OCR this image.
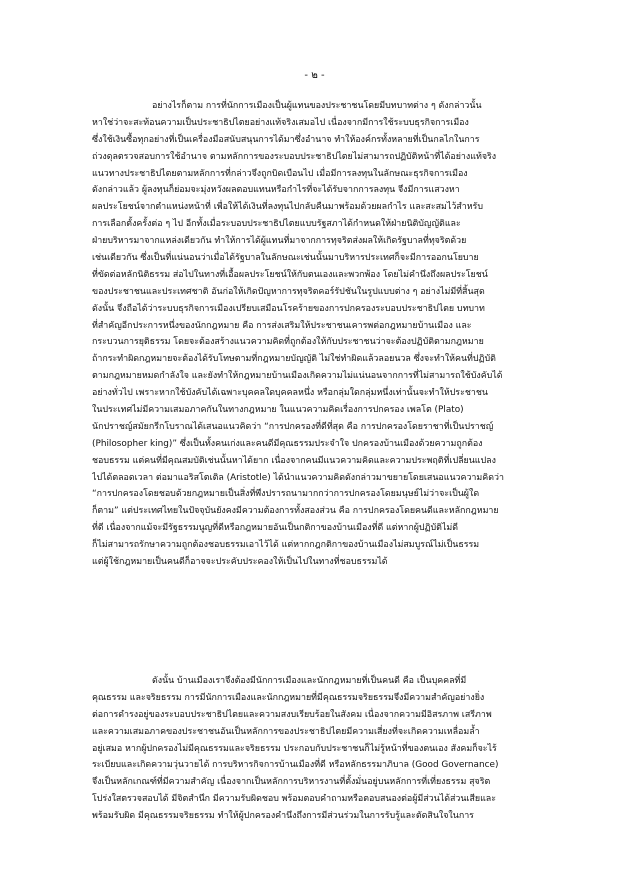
- ๒ -
อย่างไรก็ตาม การที่นักการเมืองเป็นผู้แทนของประชาชนโดยมีบทบาทต่าง ๆ ดังกล่าวนั้น
หาใช่ว่าจะสะท้อนความเป็นประชาธิปไตยอย่างแท้จริงเสมอไป เนื่องจากมีการใช้ระบบธุรกิจการเมือง
ซึ่งใช้เงินซื้อทุกอย่างที่เป็นเครื่องมือสนับสนุนการได้มาซึ่งอำนาจ ทำให้องค์กรทั้งหลายที่เป็นกลไกในการ
ถ่วงดุลตรวจสอบการใช้อำนาจ ตามหลักการของระบอบประชาธิปไตยไม่สามารถปฏิบัติหน้าที่ได้อย่างแท้จริง
แนวทางประชาธิปไตยตามหลักการที่กล่าวจึงถูกบิดเบือนไป เมื่อมีการลงทุนในลักษณะธุรกิจการเมือง
ดังกล่าวแล้ว ผู้ลงทุนก็ย่อมจะมุ่งหวังผลตอบแทนหรือกำไรที่จะได้รับจากการลงทุน จึงมีการแสวงหา
ผลประโยชน์จากตำแหน่งหน้าที่ เพื่อให้ได้เงินที่ลงทุนไปกลับคืนมาพร้อมด้วยผลกำไร และสะสมไว้สำหรับ
การเลือกตั้งครั้งต่อ ๆ ไป อีกทั้งเมื่อระบอบประชาธิปไตยแบบรัฐสภาได้กำหนดให้ฝ่ายนิติบัญญัติและ
ฝ่ายบริหารมาจากแหล่งเดียวกัน ทำให้การได้ผู้แทนที่มาจากการทุจริตส่งผลให้เกิดรัฐบาลที่ทุจริตด้วย
เช่นเดียวกัน ซึ่งเป็นที่แน่นอนว่าเมื่อได้รัฐบาลในลักษณะเช่นนั้นมาบริหารประเทศก็จะมีการออกนโยบาย
ที่ขัดต่อหลักนิติธรรม ส่อไปในทางที่เอื้อผลประโยชน์ให้กับตนเองและพวกพ้อง โดยไม่คำนึงถึงผลประโยชน์
ของประชาชนและประเทศชาติ อันก่อให้เกิดปัญหาการทุจริตคอร์รัปชันในรูปแบบต่าง ๆ อย่างไม่มีที่สิ้นสุด
ดังนั้น จึงถือได้ว่าระบบธุรกิจการเมืองเปรียบเสมือนโรคร้ายของการปกครองระบอบประชาธิปไตย บทบาท
ที่สำคัญอีกประการหนึ่งของนักกฎหมาย คือ การส่งเสริมให้ประชาชนเคารพต่อกฎหมายบ้านเมือง และ
กระบวนการยุติธรรม โดยจะต้องสร้างแนวความคิดที่ถูกต้องให้กับประชาชนว่าจะต้องปฏิบัติตามกฎหมาย
ถ้ากระทำผิดกฎหมายจะต้องได้รับโทษตามที่กฎหมายบัญญัติ ไม่ใช่ทำผิดแล้วลอยนวล ซึ่งจะทำให้คนที่ปฏิบัติ
ตามกฎหมายหมดกำลังใจ และยังทำให้กฎหมายบ้านเมืองเกิดความไม่แน่นอนจากการที่ไม่สามารถใช้บังคับได้
อย่างทั่วไป เพราะหากใช้บังคับได้เฉพาะบุคคลใดบุคคลหนึ่ง หรือกลุ่มใดกลุ่มหนึ่งเท่านั้นจะทำให้ประชาชน
ในประเทศไม่มีความเสมอภาคกันในทางกฎหมาย ในแนวความคิดเรื่องการปกครอง เพลโต (Plato)
นักปราชญ์สมัยกรีกโบราณได้เสนอแนวคิดว่า “การปกครองที่ดีที่สุด คือ การปกครองโดยราชาที่เป็นปราชญ์
(Philosopher king)” ซึ่งเป็นทั้งคนเก่งและคนดีมีคุณธรรมประจำใจ ปกครองบ้านเมืองด้วยความถูกต้อง
ชอบธรรม แต่คนที่มีคุณสมบัติเช่นนั้นหาได้ยาก เนื่องจากคนมีแนวความคิดและความประพฤติที่เปลี่ยนแปลง
ไปได้ตลอดเวลา ต่อมาแอริสโตเติล (Aristotle) ได้นำแนวความคิดดังกล่าวมาขยายโดยเสนอแนวความคิดว่า
“การปกครองโดยชอบด้วยกฎหมายเป็นสิ่งที่พึงปรารถนามากกว่าการปกครองโดยมนุษย์ไม่ว่าจะเป็นผู้ใด
ก็ตาม” แต่ประเทศไทยในปัจจุบันยังคงมีความต้องการทั้งสองส่วน คือ การปกครองโดยคนดีและหลักกฎหมาย
ที่ดี เนื่องจากแม้จะมีรัฐธรรมนูญที่ดีหรือกฎหมายอันเป็นกติกาของบ้านเมืองที่ดี แต่หากผู้ปฏิบัติไม่ดี
ก็ไม่สามารถรักษาความถูกต้องชอบธรรมเอาไว้ได้ แต่หากกฎกติกาของบ้านเมืองไม่สมบูรณ์ไม่เป็นธรรม
แต่ผู้ใช้กฎหมายเป็นคนดีก็อาจจะประคับประคองให้เป็นไปในทางที่ชอบธรรมได้
ดังนั้น บ้านเมืองเราจึงต้องมีนักการเมืองและนักกฎหมายที่เป็นคนดี คือ เป็นบุคคลที่มี
คุณธรรม และจริยธรรม การมีนักการเมืองและนักกฎหมายที่มีคุณธรรมจริยธรรมจึงมีความสำคัญอย่างยิ่ง
ต่อการดำรงอยู่ของระบอบประชาธิปไตยและความสงบเรียบร้อยในสังคม เนื่องจากความมีอิสรภาพ เสรีภาพ
และความเสมอภาคของประชาชนอันเป็นหลักการของประชาธิปไตยมีความเสี่ยงที่จะเกิดความเหลื่อมล้ำ
อยู่เสมอ หากผู้ปกครองไม่มีคุณธรรมและจริยธรรม ประกอบกับประชาชนก็ไม่รู้หน้าที่ของตนเอง สังคมก็จะไร้
ระเบียบและเกิดความวุ่นวายได้ การบริหารกิจการบ้านเมืองที่ดี หรือหลักธรรมาภิบาล (Good Governance)
จึงเป็นหลักเกณฑ์ที่มีความสำคัญ เนื่องจากเป็นหลักการบริหารงานที่ตั้งมั่นอยู่บนหลักการที่เที่ยงธรรม สุจริต
โปร่งใสตรวจสอบได้ มีจิตสำนึก มีความรับผิดชอบ พร้อมตอบคำถามหรือตอบสนองต่อผู้มีส่วนได้ส่วนเสียและ
พร้อมรับผิด มีคุณธรรมจริยธรรม ทำให้ผู้ปกครองคำนึงถึงการมีส่วนร่วมในการรับรู้และตัดสินใจในการ
